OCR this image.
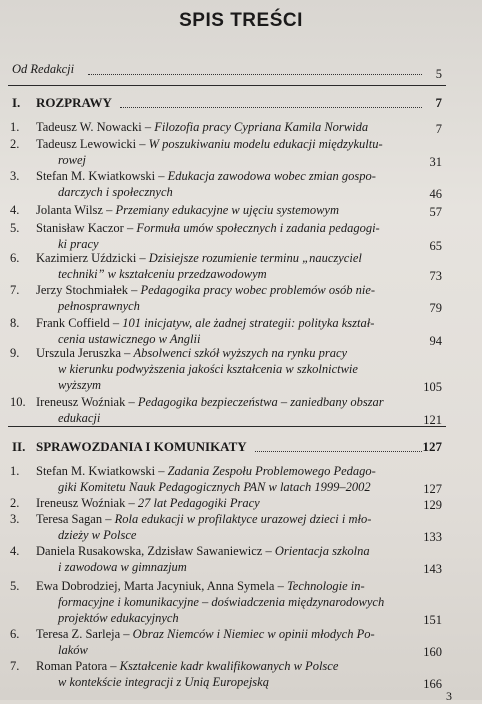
SPIS TREŚCI
Od Redakcji	5
I. ROZPRAWY	7
1. Tadeusz W. Nowacki – Filozofia pracy Cypriana Kamila Norwida	7
2. Tadeusz Lewowicki – W poszukiwaniu modelu edukacji międzykultu-
rowej	31
3. Stefan M. Kwiatkowski – Edukacja zawodowa wobec zmian gospo-
darczych i społecznych	46
4. Jolanta Wilsz – Przemiany edukacyjne w ujęciu systemowym	57
5. Stanisław Kaczor – Formuła umów społecznych i zadania pedagogi-
ki pracy	65
6. Kazimierz Uździcki – Dzisiejsze rozumienie terminu „nauczyciel
techniki” w kształceniu przedzawodowym	73
7. Jerzy Stochmiałek – Pedagogika pracy wobec problemów osób nie-
pełnosprawnych	79
8. Frank Coffield – 101 inicjatyw, ale żadnej strategii: polityka kształ-
cenia ustawicznego w Anglii	94
9. Urszula Jeruszka – Absolwenci szkół wyższych na rynku pracy
w kierunku podwyższenia jakości kształcenia w szkolnictwie
wyższym	105
10. Ireneusz Woźniak – Pedagogika bezpieczeństwa – zaniedbany obszar
edukacji	121
II. SPRAWOZDANIA I KOMUNIKATY	127
1. Stefan M. Kwiatkowski – Zadania Zespołu Problemowego Pedago-
giki Komitetu Nauk Pedagogicznych PAN w latach 1999–2002	127
2. Ireneusz Woźniak – 27 lat Pedagogiki Pracy	129
3. Teresa Sagan – Rola edukacji w profilaktyce urazowej dzieci i mło-
dzieży w Polsce	133
4. Daniela Rusakowska, Zdzisław Sawaniewicz – Orientacja szkolna
i zawodowa w gimnazjum	143
5. Ewa Dobrodziej, Marta Jacyniuk, Anna Symela – Technologie in-
formacyjne i komunikacyjne – doświadczenia międzynarodowych
projektów edukacyjnych	151
6. Teresa Z. Sarleja – Obraz Niemców i Niemiec w opinii młodych Po-
laków	160
7. Roman Patora – Kształcenie kadr kwalifikowanych w Polsce
w kontekście integracji z Unią Europejską	166
3
